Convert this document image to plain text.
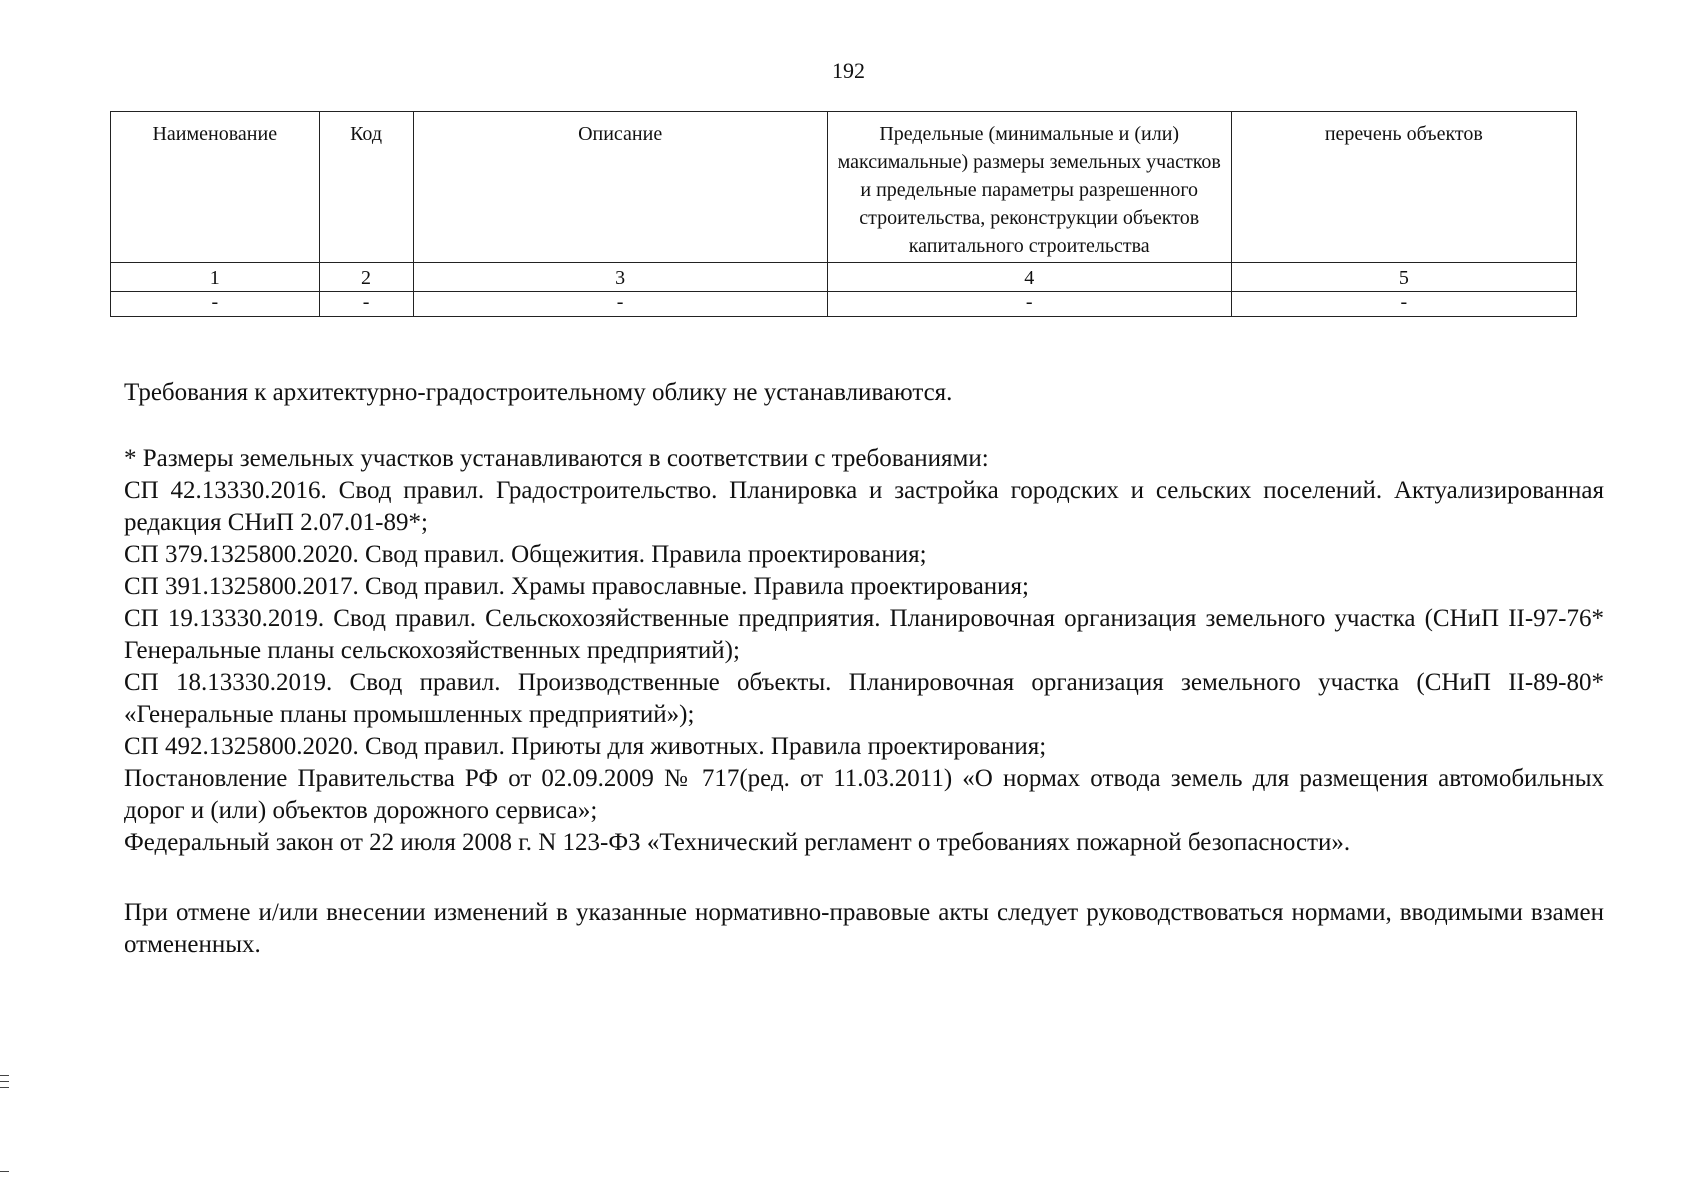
192
Наименование	Код	Описание	Предельные (минимальные и (или) максимальные) размеры земельных участков и предельные параметры разрешенного строительства, реконструкции объектов капитального строительства	перечень объектов
1	2	3	4	5
-	-	-	-	-

Требования к архитектурно-градостроительному облику не устанавливаются.

* Размеры земельных участков устанавливаются в соответствии с требованиями:

СП 42.13330.2016. Свод правил. Градостроительство. Планировка и застройка городских и сельских поселений. Актуализированная редакция СНиП 2.07.01-89*;

СП 379.1325800.2020. Свод правил. Общежития. Правила проектирования;

СП 391.1325800.2017. Свод правил. Храмы православные. Правила проектирования;

СП 19.13330.2019. Свод правил. Сельскохозяйственные предприятия. Планировочная организация земельного участка (СНиП II-97-76* Генеральные планы сельскохозяйственных предприятий);

СП 18.13330.2019. Свод правил. Производственные объекты. Планировочная организация земельного участка (СНиП II-89-80* «Генеральные планы промышленных предприятий»);

СП 492.1325800.2020. Свод правил. Приюты для животных. Правила проектирования;

Постановление Правительства РФ от 02.09.2009 № 717(ред. от 11.03.2011) «О нормах отвода земель для размещения автомобильных дорог и (или) объектов дорожного сервиса»;

Федеральный закон от 22 июля 2008 г. N 123-ФЗ «Технический регламент о требованиях пожарной безопасности».

При отмене и/или внесении изменений в указанные нормативно-правовые акты следует руководствоваться нормами, вводимыми взамен отмененных.
